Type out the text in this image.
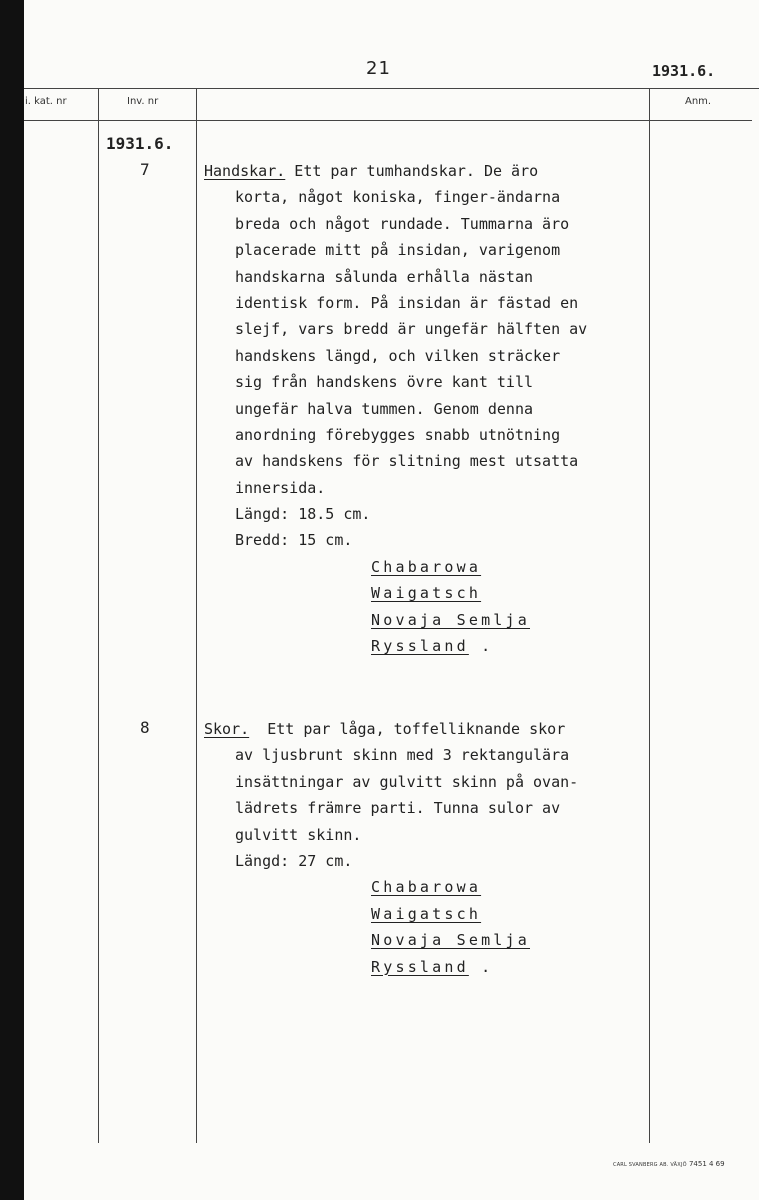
21	1931.6.
i. kat. nr	Inv. nr	Anm.
1931.6.
7	Handskar. Ett par tumhandskar. De äro
korta, något koniska, finger-ändarna
breda och något rundade. Tummarna äro
placerade mitt på insidan, varigenom
handskarna sålunda erhålla nästan
identisk form. På insidan är fästad en
slejf, vars bredd är ungefär hälften av
handskens längd, och vilken sträcker
sig från handskens övre kant till
ungefär halva tummen. Genom denna
anordning förebygges snabb utnötning
av handskens för slitning mest utsatta
innersida.
Längd: 18.5 cm.
Bredd: 15 cm.
Chabarowa
Waigatsch
Novaja Semlja
Ryssland .
8	Skor.  Ett par låga, toffelliknande skor
av ljusbrunt skinn med 3 rektangulära
insättningar av gulvitt skinn på ovan-
lädrets främre parti. Tunna sulor av
gulvitt skinn.
Längd: 27 cm.
Chabarowa
Waigatsch
Novaja Semlja
Ryssland .
CARL SVANBERG AB. VÄXJÖ 7451 4 69
